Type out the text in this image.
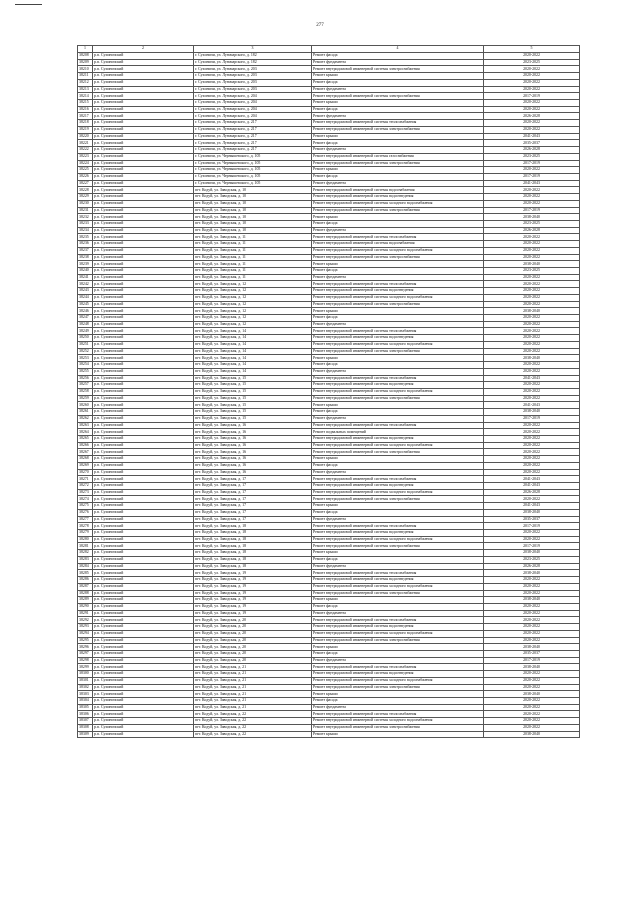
277
1	2	3	4	5
38208	р.п. Сухиничский	г. Сухиничи, ул. Луначарского, д. 182	Ремонт фасада	2020-2022
38209	р.п. Сухиничский	г. Сухиничи, ул. Луначарского, д. 182	Ремонт фундамента	2023-2025
38210	р.п. Сухиничский	г. Сухиничи, ул. Луначарского, д. 203	Ремонт внутридомовой инженерной системы электроснабжения	2020-2022
38211	р.п. Сухиничский	г. Сухиничи, ул. Луначарского, д. 203	Ремонт крыши	2020-2022
38212	р.п. Сухиничский	г. Сухиничи, ул. Луначарского, д. 203	Ремонт фасада	2020-2022
38213	р.п. Сухиничский	г. Сухиничи, ул. Луначарского, д. 203	Ремонт фундамента	2020-2022
38214	р.п. Сухиничский	г. Сухиничи, ул. Луначарского, д. 204	Ремонт внутридомовой инженерной системы электроснабжения	2017-2019
38215	р.п. Сухиничский	г. Сухиничи, ул. Луначарского, д. 204	Ремонт крыши	2020-2022
38216	р.п. Сухиничский	г. Сухиничи, ул. Луначарского, д. 204	Ремонт фасада	2020-2022
38217	р.п. Сухиничский	г. Сухиничи, ул. Луначарского, д. 204	Ремонт фундамента	2026-2028
38218	р.п. Сухиничский	г. Сухиничи, ул. Луначарского, д. 217	Ремонт внутридомовой инженерной системы теплоснабжения	2020-2022
38219	р.п. Сухиничский	г. Сухиничи, ул. Луначарского, д. 217	Ремонт внутридомовой инженерной системы электроснабжения	2020-2022
38220	р.п. Сухиничский	г. Сухиничи, ул. Луначарского, д. 217	Ремонт крыши	2041-2043
38221	р.п. Сухиничский	г. Сухиничи, ул. Луначарского, д. 217	Ремонт фасада	2035-2037
38222	р.п. Сухиничский	г. Сухиничи, ул. Луначарского, д. 217	Ремонт фундамента	2026-2028
38223	р.п. Сухиничский	г. Сухиничи, ул. Чернышевского, д. 105	Ремонт внутридомовой инженерной системы газоснабжения	2023-2025
38224	р.п. Сухиничский	г. Сухиничи, ул. Чернышевского, д. 105	Ремонт внутридомовой инженерной системы электроснабжения	2017-2019
38225	р.п. Сухиничский	г. Сухиничи, ул. Чернышевского, д. 105	Ремонт крыши	2020-2022
38226	р.п. Сухиничский	г. Сухиничи, ул. Чернышевского, д. 105	Ремонт фасада	2017-2019
38227	р.п. Сухиничский	г. Сухиничи, ул. Чернышевского, д. 105	Ремонт фундамента	2041-2043
38228	р.п. Сухиничский	пгт. Кодуй, ул. Заводская, д. 10	Ремонт внутридомовой инженерной системы водоснабжения	2020-2022
38229	р.п. Сухиничский	пгт. Кодуй, ул. Заводская, д. 10	Ремонт внутридомовой инженерной системы водоотведения	2020-2022
38230	р.п. Сухиничский	пгт. Кодуй, ул. Заводская, д. 10	Ремонт внутридомовой инженерной системы холодного водоснабжения	2020-2022
38231	р.п. Сухиничский	пгт. Кодуй, ул. Заводская, д. 10	Ремонт внутридомовой инженерной системы электроснабжения	2017-2019
38232	р.п. Сухиничский	пгт. Кодуй, ул. Заводская, д. 10	Ремонт крыши	2038-2040
38233	р.п. Сухиничский	пгт. Кодуй, ул. Заводская, д. 10	Ремонт фасада	2023-2025
38234	р.п. Сухиничский	пгт. Кодуй, ул. Заводская, д. 10	Ремонт фундамента	2026-2028
38235	р.п. Сухиничский	пгт. Кодуй, ул. Заводская, д. 11	Ремонт внутридомовой инженерной системы теплоснабжения	2020-2022
38236	р.п. Сухиничский	пгт. Кодуй, ул. Заводская, д. 11	Ремонт внутридомовой инженерной системы водоснабжения	2020-2022
38237	р.п. Сухиничский	пгт. Кодуй, ул. Заводская, д. 11	Ремонт внутридомовой инженерной системы холодного водоснабжения	2020-2022
38238	р.п. Сухиничский	пгт. Кодуй, ул. Заводская, д. 11	Ремонт внутридомовой инженерной системы электроснабжения	2020-2022
38239	р.п. Сухиничский	пгт. Кодуй, ул. Заводская, д. 11	Ремонт крыши	2038-2040
38240	р.п. Сухиничский	пгт. Кодуй, ул. Заводская, д. 11	Ремонт фасада	2023-2025
38241	р.п. Сухиничский	пгт. Кодуй, ул. Заводская, д. 11	Ремонт фундамента	2020-2022
38242	р.п. Сухиничский	пгт. Кодуй, ул. Заводская, д. 12	Ремонт внутридомовой инженерной системы теплоснабжения	2020-2022
38243	р.п. Сухиничский	пгт. Кодуй, ул. Заводская, д. 12	Ремонт внутридомовой инженерной системы водоотведения	2020-2022
38244	р.п. Сухиничский	пгт. Кодуй, ул. Заводская, д. 12	Ремонт внутридомовой инженерной системы холодного водоснабжения	2020-2022
38245	р.п. Сухиничский	пгт. Кодуй, ул. Заводская, д. 12	Ремонт внутридомовой инженерной системы электроснабжения	2020-2022
38246	р.п. Сухиничский	пгт. Кодуй, ул. Заводская, д. 12	Ремонт крыши	2038-2040
38247	р.п. Сухиничский	пгт. Кодуй, ул. Заводская, д. 12	Ремонт фасада	2020-2022
38248	р.п. Сухиничский	пгт. Кодуй, ул. Заводская, д. 12	Ремонт фундамента	2020-2022
38249	р.п. Сухиничский	пгт. Кодуй, ул. Заводская, д. 14	Ремонт внутридомовой инженерной системы теплоснабжения	2020-2022
38250	р.п. Сухиничский	пгт. Кодуй, ул. Заводская, д. 14	Ремонт внутридомовой инженерной системы водоотведения	2020-2022
38251	р.п. Сухиничский	пгт. Кодуй, ул. Заводская, д. 14	Ремонт внутридомовой инженерной системы холодного водоснабжения	2020-2022
38252	р.п. Сухиничский	пгт. Кодуй, ул. Заводская, д. 14	Ремонт внутридомовой инженерной системы электроснабжения	2020-2022
38253	р.п. Сухиничский	пгт. Кодуй, ул. Заводская, д. 14	Ремонт крыши	2038-2040
38254	р.п. Сухиничский	пгт. Кодуй, ул. Заводская, д. 14	Ремонт фасада	2020-2022
38255	р.п. Сухиничский	пгт. Кодуй, ул. Заводская, д. 14	Ремонт фундамента	2020-2022
38256	р.п. Сухиничский	пгт. Кодуй, ул. Заводская, д. 15	Ремонт внутридомовой инженерной системы теплоснабжения	2041-2043
38257	р.п. Сухиничский	пгт. Кодуй, ул. Заводская, д. 15	Ремонт внутридомовой инженерной системы водоотведения	2020-2022
38258	р.п. Сухиничский	пгт. Кодуй, ул. Заводская, д. 15	Ремонт внутридомовой инженерной системы холодного водоснабжения	2020-2022
38259	р.п. Сухиничский	пгт. Кодуй, ул. Заводская, д. 15	Ремонт внутридомовой инженерной системы электроснабжения	2020-2022
38260	р.п. Сухиничский	пгт. Кодуй, ул. Заводская, д. 15	Ремонт крыши	2041-2043
38261	р.п. Сухиничский	пгт. Кодуй, ул. Заводская, д. 15	Ремонт фасада	2038-2040
38262	р.п. Сухиничский	пгт. Кодуй, ул. Заводская, д. 15	Ремонт фундамента	2017-2019
38263	р.п. Сухиничский	пгт. Кодуй, ул. Заводская, д. 16	Ремонт внутридомовой инженерной системы теплоснабжения	2020-2022
38264	р.п. Сухиничский	пгт. Кодуй, ул. Заводская, д. 16	Ремонт подвальных помещений	2020-2022
38265	р.п. Сухиничский	пгт. Кодуй, ул. Заводская, д. 16	Ремонт внутридомовой инженерной системы водоотведения	2020-2022
38266	р.п. Сухиничский	пгт. Кодуй, ул. Заводская, д. 16	Ремонт внутридомовой инженерной системы холодного водоснабжения	2020-2022
38267	р.п. Сухиничский	пгт. Кодуй, ул. Заводская, д. 16	Ремонт внутридомовой инженерной системы электроснабжения	2020-2022
38268	р.п. Сухиничский	пгт. Кодуй, ул. Заводская, д. 16	Ремонт крыши	2020-2022
38269	р.п. Сухиничский	пгт. Кодуй, ул. Заводская, д. 16	Ремонт фасада	2020-2022
38270	р.п. Сухиничский	пгт. Кодуй, ул. Заводская, д. 16	Ремонт фундамента	2020-2022
38271	р.п. Сухиничский	пгт. Кодуй, ул. Заводская, д. 17	Ремонт внутридомовой инженерной системы теплоснабжения	2041-2043
38272	р.п. Сухиничский	пгт. Кодуй, ул. Заводская, д. 17	Ремонт внутридомовой инженерной системы водоотведения	2041-2043
38273	р.п. Сухиничский	пгт. Кодуй, ул. Заводская, д. 17	Ремонт внутридомовой инженерной системы холодного водоснабжения	2026-2028
38274	р.п. Сухиничский	пгт. Кодуй, ул. Заводская, д. 17	Ремонт внутридомовой инженерной системы электроснабжения	2020-2022
38275	р.п. Сухиничский	пгт. Кодуй, ул. Заводская, д. 17	Ремонт крыши	2041-2043
38276	р.п. Сухиничский	пгт. Кодуй, ул. Заводская, д. 17	Ремонт фасада	2038-2040
38277	р.п. Сухиничский	пгт. Кодуй, ул. Заводская, д. 17	Ремонт фундамента	2035-2037
38278	р.п. Сухиничский	пгт. Кодуй, ул. Заводская, д. 18	Ремонт внутридомовой инженерной системы теплоснабжения	2017-2019
38279	р.п. Сухиничский	пгт. Кодуй, ул. Заводская, д. 18	Ремонт внутридомовой инженерной системы водоотведения	2020-2022
38280	р.п. Сухиничский	пгт. Кодуй, ул. Заводская, д. 18	Ремонт внутридомовой инженерной системы холодного водоснабжения	2020-2022
38281	р.п. Сухиничский	пгт. Кодуй, ул. Заводская, д. 18	Ремонт внутридомовой инженерной системы электроснабжения	2017-2019
38282	р.п. Сухиничский	пгт. Кодуй, ул. Заводская, д. 18	Ремонт крыши	2038-2040
38283	р.п. Сухиничский	пгт. Кодуй, ул. Заводская, д. 18	Ремонт фасада	2023-2025
38284	р.п. Сухиничский	пгт. Кодуй, ул. Заводская, д. 18	Ремонт фундамента	2026-2028
38285	р.п. Сухиничский	пгт. Кодуй, ул. Заводская, д. 19	Ремонт внутридомовой инженерной системы теплоснабжения	2038-2040
38286	р.п. Сухиничский	пгт. Кодуй, ул. Заводская, д. 19	Ремонт внутридомовой инженерной системы водоотведения	2020-2022
38287	р.п. Сухиничский	пгт. Кодуй, ул. Заводская, д. 19	Ремонт внутридомовой инженерной системы холодного водоснабжения	2020-2022
38288	р.п. Сухиничский	пгт. Кодуй, ул. Заводская, д. 19	Ремонт внутридомовой инженерной системы электроснабжения	2020-2022
38289	р.п. Сухиничский	пгт. Кодуй, ул. Заводская, д. 19	Ремонт крыши	2038-2040
38290	р.п. Сухиничский	пгт. Кодуй, ул. Заводская, д. 19	Ремонт фасада	2020-2022
38291	р.п. Сухиничский	пгт. Кодуй, ул. Заводская, д. 19	Ремонт фундамента	2020-2022
38292	р.п. Сухиничский	пгт. Кодуй, ул. Заводская, д. 20	Ремонт внутридомовой инженерной системы теплоснабжения	2020-2022
38293	р.п. Сухиничский	пгт. Кодуй, ул. Заводская, д. 20	Ремонт внутридомовой инженерной системы водоотведения	2020-2022
38294	р.п. Сухиничский	пгт. Кодуй, ул. Заводская, д. 20	Ремонт внутридомовой инженерной системы холодного водоснабжения	2020-2022
38295	р.п. Сухиничский	пгт. Кодуй, ул. Заводская, д. 20	Ремонт внутридомовой инженерной системы электроснабжения	2020-2022
38296	р.п. Сухиничский	пгт. Кодуй, ул. Заводская, д. 20	Ремонт крыши	2038-2040
38297	р.п. Сухиничский	пгт. Кодуй, ул. Заводская, д. 20	Ремонт фасада	2035-2037
38298	р.п. Сухиничский	пгт. Кодуй, ул. Заводская, д. 20	Ремонт фундамента	2017-2019
38299	р.п. Сухиничский	пгт. Кодуй, ул. Заводская, д. 21	Ремонт внутридомовой инженерной системы теплоснабжения	2038-2040
38300	р.п. Сухиничский	пгт. Кодуй, ул. Заводская, д. 21	Ремонт внутридомовой инженерной системы водоотведения	2020-2022
38301	р.п. Сухиничский	пгт. Кодуй, ул. Заводская, д. 21	Ремонт внутридомовой инженерной системы холодного водоснабжения	2020-2022
38302	р.п. Сухиничский	пгт. Кодуй, ул. Заводская, д. 21	Ремонт внутридомовой инженерной системы электроснабжения	2020-2022
38303	р.п. Сухиничский	пгт. Кодуй, ул. Заводская, д. 21	Ремонт крыши	2038-2040
38304	р.п. Сухиничский	пгт. Кодуй, ул. Заводская, д. 21	Ремонт фасада	2020-2022
38305	р.п. Сухиничский	пгт. Кодуй, ул. Заводская, д. 21	Ремонт фундамента	2020-2022
38306	р.п. Сухиничский	пгт. Кодуй, ул. Заводская, д. 22	Ремонт внутридомовой инженерной системы теплоснабжения	2020-2022
38307	р.п. Сухиничский	пгт. Кодуй, ул. Заводская, д. 22	Ремонт внутридомовой инженерной системы холодного водоснабжения	2020-2022
38308	р.п. Сухиничский	пгт. Кодуй, ул. Заводская, д. 22	Ремонт внутридомовой инженерной системы электроснабжения	2020-2022
38309	р.п. Сухиничский	пгт. Кодуй, ул. Заводская, д. 22	Ремонт крыши	2038-2040
